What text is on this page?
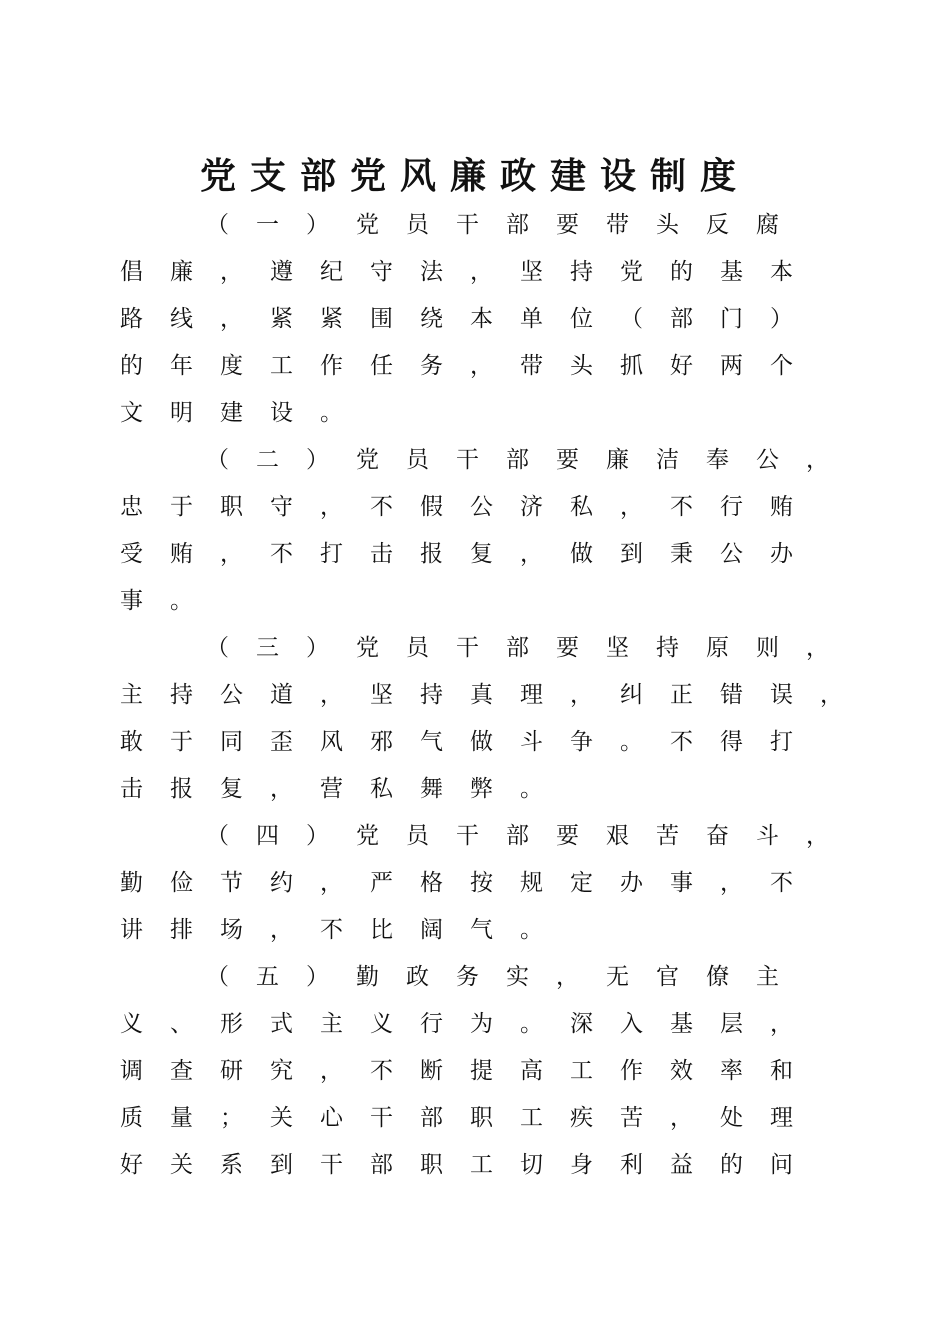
党支部党风廉政建设制度
（一）党员干部要带头反腐
倡廉，遵纪守法，坚持党的基本
路线，紧紧围绕本单位（部门）
的年度工作任务，带头抓好两个
文明建设。
（二）党员干部要廉洁奉公，
忠于职守，不假公济私，不行贿
受贿，不打击报复，做到秉公办
事。
（三）党员干部要坚持原则，
主持公道，坚持真理，纠正错误，
敢于同歪风邪气做斗争。不得打
击报复，营私舞弊。
（四）党员干部要艰苦奋斗，
勤俭节约，严格按规定办事，不
讲排场，不比阔气。
（五）勤政务实，无官僚主
义、形式主义行为。深入基层，
调查研究，不断提高工作效率和
质量；关心干部职工疾苦，处理
好关系到干部职工切身利益的问
